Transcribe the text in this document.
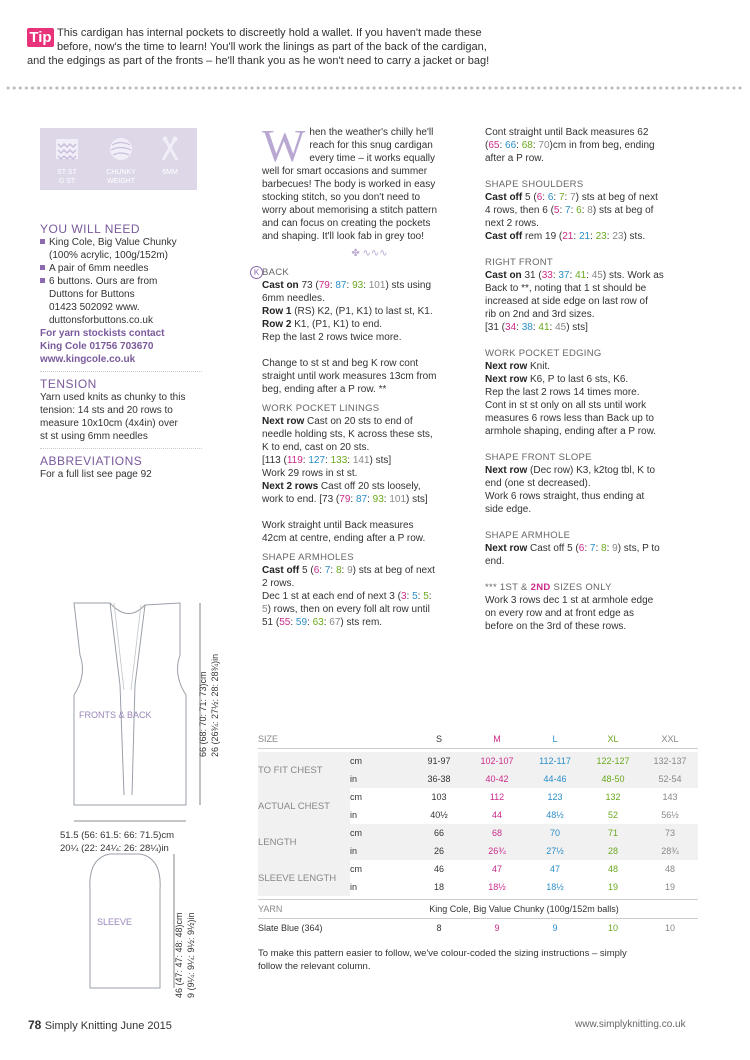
Tip This cardigan has internal pockets to discreetly hold a wallet. If you haven't made these
before, now's the time to learn! You'll work the linings as part of the back of the cardigan,
and the edgings as part of the fronts – he'll thank you as he won't need to carry a jacket or bag!
ST ST
G ST
CHUNKY
WEIGHT
6MM
YOU WILL NEED
King Cole, Big Value Chunky
(100% acrylic, 100g/152m)
A pair of 6mm needles
6 buttons. Ours are from
Duttons for Buttons
01423 502092 www.
duttonsforbuttons.co.uk
For yarn stockists contact
King Cole 01756 703670
www.kingcole.co.uk
TENSION
Yarn used knits as chunky to this
tension: 14 sts and 20 rows to
measure 10x10cm (4x4in) over
st st using 6mm needles
ABBREVIATIONS
For a full list see page 92
FRONTS & BACK	66 (68: 70: 71: 73)cm 26 (26¾: 27½: 28: 28¾)in
51.5 (56: 61.5: 66: 71.5)cm
20¼ (22: 24¼: 26: 28¼)in
SLEEVE	46 (47: 47: 48: 48)cm 9 (9¼: 9¼: 9½: 9½)in
W hen the weather's chilly he'll
reach for this snug cardigan
every time – it works equally
well for smart occasions and summer
barbecues! The body is worked in easy
stocking stitch, so you don't need to
worry about memorising a stitch pattern
and can focus on creating the pockets
and shaping. It'll look fab in grey too!
✤ ∿∿∿
K BACK
Cast on 73 (79: 87: 93: 101) sts using
6mm needles.
Row 1 (RS) K2, (P1, K1) to last st, K1.
Row 2 K1, (P1, K1) to end.
Rep the last 2 rows twice more.
Change to st st and beg K row cont
straight until work measures 13cm from
beg, ending after a P row. **
WORK POCKET LININGS
Next row Cast on 20 sts to end of
needle holding sts, K across these sts,
K to end, cast on 20 sts.
[113 (119: 127: 133: 141) sts]
Work 29 rows in st st.
Next 2 rows Cast off 20 sts loosely,
work to end. [73 (79: 87: 93: 101) sts]
Work straight until Back measures
42cm at centre, ending after a P row.
SHAPE ARMHOLES
Cast off 5 (6: 7: 8: 9) sts at beg of next
2 rows.
Dec 1 st at each end of next 3 (3: 5: 5:
5) rows, then on every foll alt row until
51 (55: 59: 63: 67) sts rem.
Cont straight until Back measures 62
(65: 66: 68: 70)cm in from beg, ending
after a P row.
SHAPE SHOULDERS
Cast off 5 (6: 6: 7: 7) sts at beg of next
4 rows, then 6 (5: 7: 6: 8) sts at beg of
next 2 rows.
Cast off rem 19 (21: 21: 23: 23) sts.
RIGHT FRONT
Cast on 31 (33: 37: 41: 45) sts. Work as
Back to **, noting that 1 st should be
increased at side edge on last row of
rib on 2nd and 3rd sizes.
[31 (34: 38: 41: 45) sts]
WORK POCKET EDGING
Next row Knit.
Next row K6, P to last 6 sts, K6.
Rep the last 2 rows 14 times more.
Cont in st st only on all sts until work
measures 6 rows less than Back up to
armhole shaping, ending after a P row.
SHAPE FRONT SLOPE
Next row (Dec row) K3, k2tog tbl, K to
end (one st decreased).
Work 6 rows straight, thus ending at
side edge.
SHAPE ARMHOLE
Next row Cast off 5 (6: 7: 8: 9) sts, P to
end.
*** 1ST & 2ND SIZES ONLY
Work 3 rows dec 1 st at armhole edge
on every row and at front edge as
before on the 3rd of these rows.
SIZE		S	M	L	XL	XXL
TO FIT CHEST	cm	91-97	102-107	112-117	122-127	132-137
	in	36-38	40-42	44-46	48-50	52-54
ACTUAL CHEST	cm	103	112	123	132	143
	in	40½	44	48½	52	56½
LENGTH	cm	66	68	70	71	73
	in	26	26¾	27½	28	28¾
SLEEVE LENGTH	cm	46	47	47	48	48
	in	18	18½	18½	19	19
YARN	King Cole, Big Value Chunky (100g/152m balls)					
Slate Blue (364)		8	9	9	10	10
To make this pattern easier to follow, we've colour-coded the sizing instructions – simply
follow the relevant column.
78 Simply Knitting June 2015	www.simplyknitting.co.uk
